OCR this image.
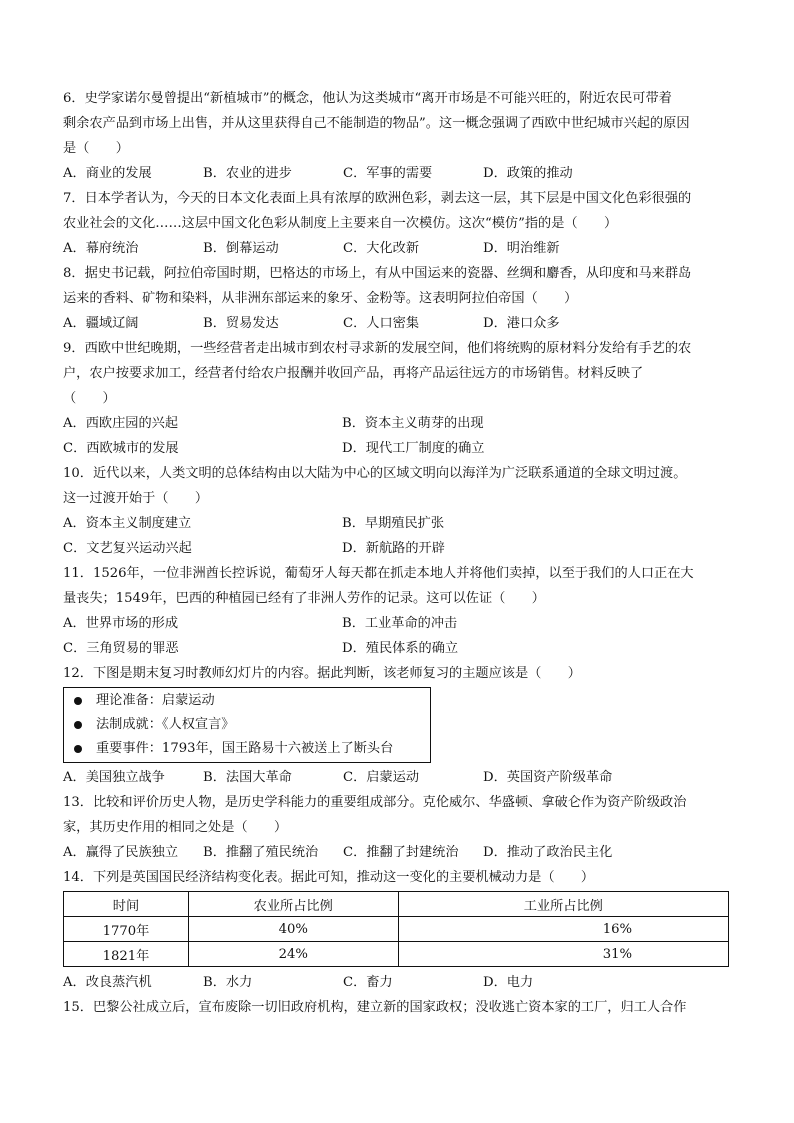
6．史学家诺尔曼曾提出“新植城市”的概念，他认为这类城市“离开市场是不可能兴旺的，附近农民可带着
剩余农产品到市场上出售，并从这里获得自己不能制造的物品”。这一概念强调了西欧中世纪城市兴起的原因
是（　　）
A．商业的发展	B．农业的进步	C．军事的需要	D．政策的推动
7．日本学者认为，今天的日本文化表面上具有浓厚的欧洲色彩，剥去这一层，其下层是中国文化色彩很强的
农业社会的文化……这层中国文化色彩从制度上主要来自一次模仿。这次“模仿”指的是（　　）
A．幕府统治	B．倒幕运动	C．大化改新	D．明治维新
8．据史书记载，阿拉伯帝国时期，巴格达的市场上，有从中国运来的瓷器、丝绸和麝香，从印度和马来群岛
运来的香料、矿物和染料，从非洲东部运来的象牙、金粉等。这表明阿拉伯帝国（　　）
A．疆域辽阔	B．贸易发达	C．人口密集	D．港口众多
9．西欧中世纪晚期，一些经营者走出城市到农村寻求新的发展空间，他们将统购的原材料分发给有手艺的农
户，农户按要求加工，经营者付给农户报酬并收回产品，再将产品运往远方的市场销售。材料反映了
（　　）
A．西欧庄园的兴起	B．资本主义萌芽的出现
C．西欧城市的发展	D．现代工厂制度的确立
10．近代以来，人类文明的总体结构由以大陆为中心的区域文明向以海洋为广泛联系通道的全球文明过渡。
这一过渡开始于（　　）
A．资本主义制度建立	B．早期殖民扩张
C．文艺复兴运动兴起	D．新航路的开辟
11．1526年，一位非洲酋长控诉说，葡萄牙人每天都在抓走本地人并将他们卖掉，以至于我们的人口正在大
量丧失；1549年，巴西的种植园已经有了非洲人劳作的记录。这可以佐证（　　）
A．世界市场的形成	B．工业革命的冲击
C．三角贸易的罪恶	D．殖民体系的确立
12．下图是期末复习时教师幻灯片的内容。据此判断，该老师复习的主题应该是（　　）
理论准备：启蒙运动
法制成就：《人权宣言》
重要事件：1793年，国王路易十六被送上了断头台
A．美国独立战争	B．法国大革命	C．启蒙运动	D．英国资产阶级革命
13．比较和评价历史人物，是历史学科能力的重要组成部分。克伦威尔、华盛顿、拿破仑作为资产阶级政治
家，其历史作用的相同之处是（　　）
A．赢得了民族独立	B．推翻了殖民统治	C．推翻了封建统治	D．推动了政治民主化
14．下列是英国国民经济结构变化表。据此可知，推动这一变化的主要机械动力是（　　）
时间	农业所占比例	工业所占比例
1770年	40%	16%
1821年	24%	31%
A．改良蒸汽机	B．水力	C．畜力	D．电力
15．巴黎公社成立后，宣布废除一切旧政府机构，建立新的国家政权；没收逃亡资本家的工厂，归工人合作
